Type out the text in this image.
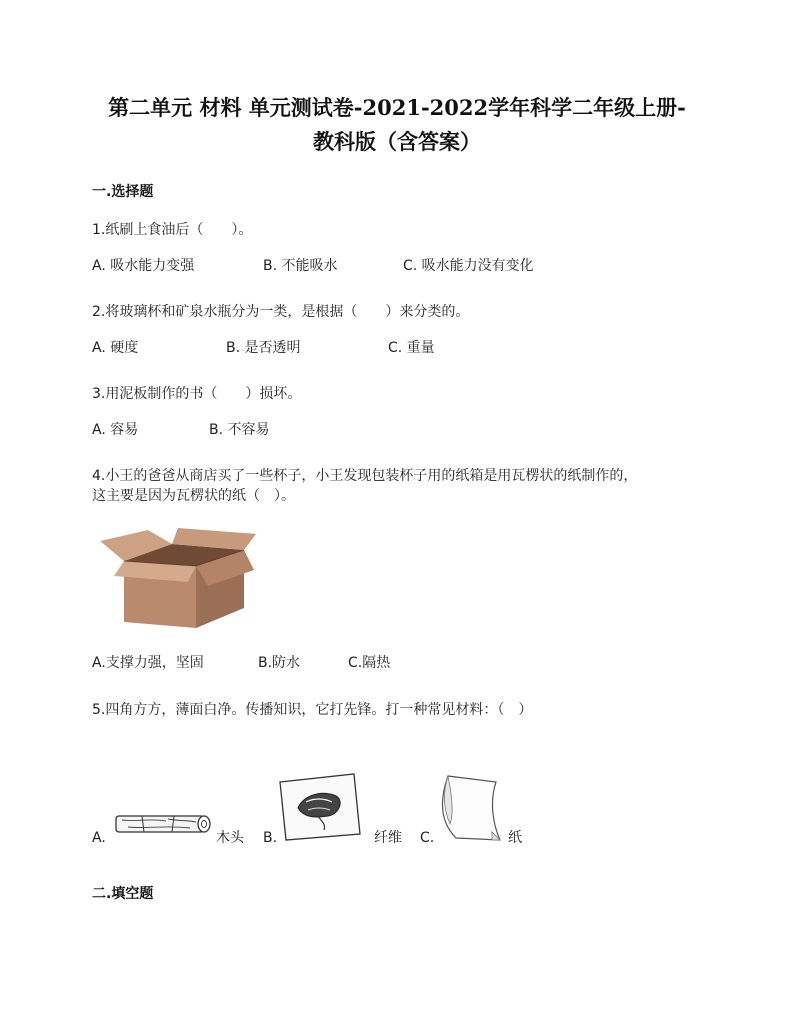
第二单元 材料 单元测试卷-2021-2022学年科学二年级上册-
教科版（含答案）
一.选择题
1.纸刷上食油后（　　）。
A. 吸水能力变强	B. 不能吸水	C. 吸水能力没有变化
2.将玻璃杯和矿泉水瓶分为一类，是根据（　　）来分类的。
A. 硬度	B. 是否透明	C. 重量
3.用泥板制作的书（　　）损坏。
A. 容易	B. 不容易
4.小王的爸爸从商店买了一些杯子，小王发现包装杯子用的纸箱是用瓦楞状的纸制作的，
这主要是因为瓦楞状的纸（　）。
A.支撑力强，坚固	B.防水	C.隔热
5.四角方方，薄面白净。传播知识，它打先锋。打一种常见材料：（　）
A.	木头 B.	纤维 C.	纸
二.填空题
